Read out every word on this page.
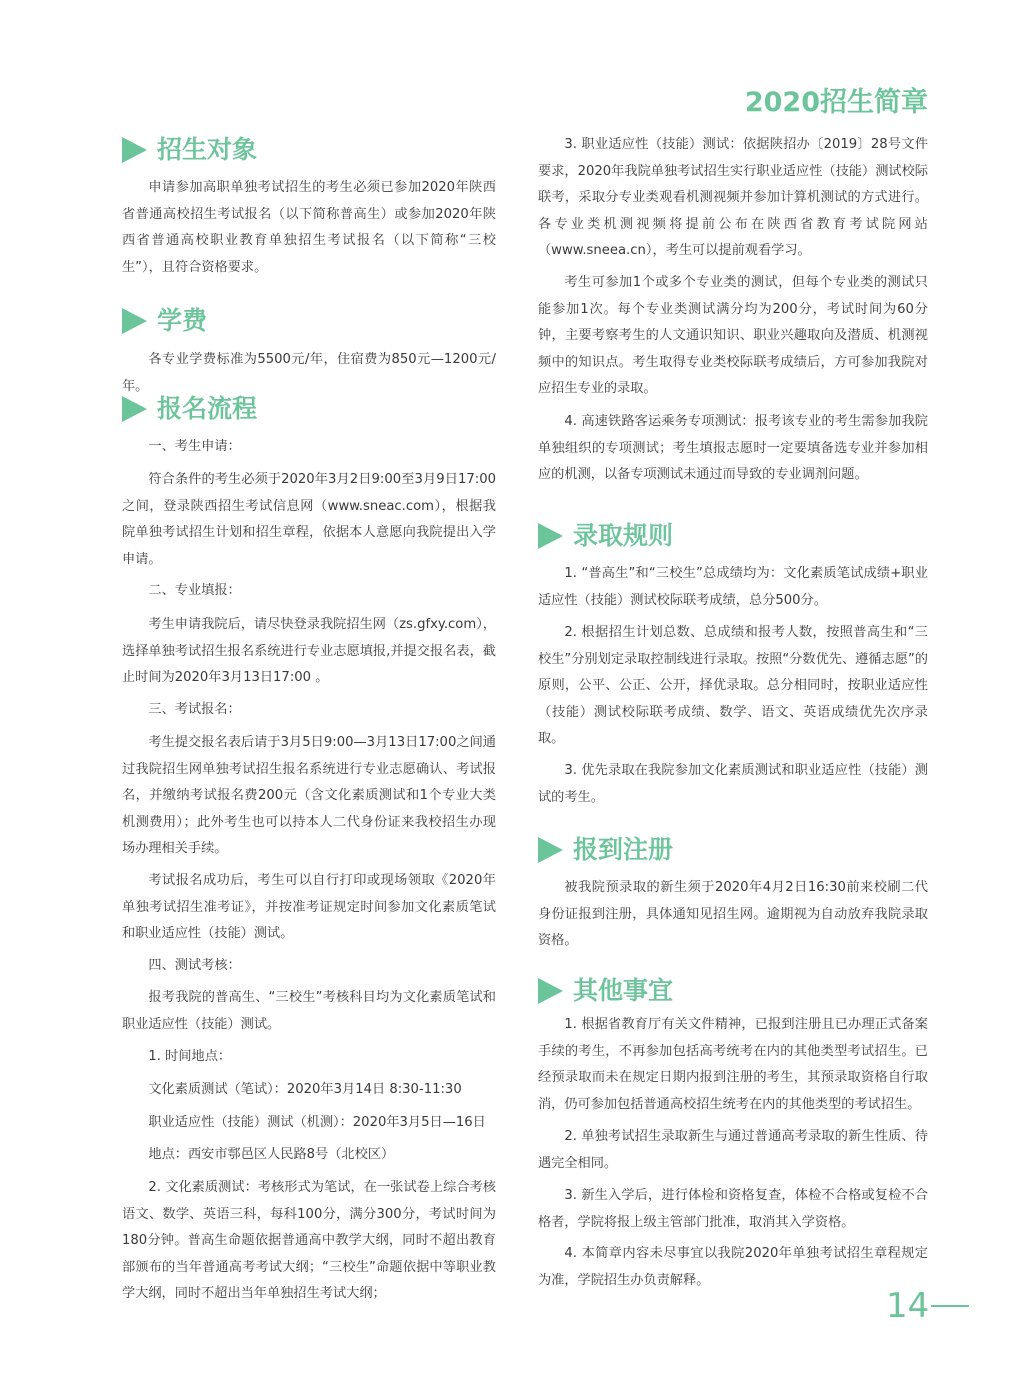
2020招生简章
招生对象
申请参加高职单独考试招生的考生必须已参加2020年陕西省普通高校招生考试报名（以下简称普高生）或参加2020年陕西省普通高校职业教育单独招生考试报名（以下简称“三校生”），且符合资格要求。
学费
各专业学费标准为5500元/年，住宿费为850元—1200元/年。
报名流程
一、考生申请：
符合条件的考生必须于2020年3月2日9:00至3月9日17:00之间，登录陕西招生考试信息网（www.sneac.com），根据我院单独考试招生计划和招生章程，依据本人意愿向我院提出入学申请。
二、专业填报：
考生申请我院后，请尽快登录我院招生网（zs.gfxy.com），选择单独考试招生报名系统进行专业志愿填报,并提交报名表，截止时间为2020年3月13日17:00 。
三、考试报名：
考生提交报名表后请于3月5日9:00—3月13日17:00之间通过我院招生网单独考试招生报名系统进行专业志愿确认、考试报名，并缴纳考试报名费200元（含文化素质测试和1个专业大类机测费用）；此外考生也可以持本人二代身份证来我校招生办现场办理相关手续。
考试报名成功后，考生可以自行打印或现场领取《2020年单独考试招生准考证》，并按准考证规定时间参加文化素质笔试和职业适应性（技能）测试。
四、测试考核：
报考我院的普高生、“三校生”考核科目均为文化素质笔试和职业适应性（技能）测试。
1. 时间地点：
文化素质测试（笔试）：2020年3月14日 8:30-11:30
职业适应性（技能）测试（机测）：2020年3月5日—16日
地点：西安市鄠邑区人民路8号（北校区）
2. 文化素质测试：考核形式为笔试，在一张试卷上综合考核语文、数学、英语三科，每科100分，满分300分，考试时间为180分钟。普高生命题依据普通高中教学大纲，同时不超出教育部颁布的当年普通高考考试大纲；“三校生”命题依据中等职业教学大纲，同时不超出当年单独招生考试大纲；
3. 职业适应性（技能）测试：依据陕招办〔2019〕28号文件要求，2020年我院单独考试招生实行职业适应性（技能）测试校际联考，采取分专业类观看机测视频并参加计算机测试的方式进行。各专业类机测视频将提前公布在陕西省教育考试院网站（www.sneea.cn），考生可以提前观看学习。
考生可参加1个或多个专业类的测试，但每个专业类的测试只能参加1次。每个专业类测试满分均为200分，考试时间为60分钟，主要考察考生的人文通识知识、职业兴趣取向及潜质、机测视频中的知识点。考生取得专业类校际联考成绩后，方可参加我院对应招生专业的录取。
4. 高速铁路客运乘务专项测试：报考该专业的考生需参加我院单独组织的专项测试；考生填报志愿时一定要填备选专业并参加相应的机测，以备专项测试未通过而导致的专业调剂问题。
录取规则
1. “普高生”和“三校生”总成绩均为：文化素质笔试成绩+职业适应性（技能）测试校际联考成绩，总分500分。
2. 根据招生计划总数、总成绩和报考人数，按照普高生和“三校生”分别划定录取控制线进行录取。按照“分数优先、遵循志愿”的原则，公平、公正、公开，择优录取。总分相同时，按职业适应性（技能）测试校际联考成绩、数学、语文、英语成绩优先次序录取。
3. 优先录取在我院参加文化素质测试和职业适应性（技能）测试的考生。
报到注册
被我院预录取的新生须于2020年4月2日16:30前来校刷二代身份证报到注册，具体通知见招生网。逾期视为自动放弃我院录取资格。
其他事宜
1. 根据省教育厅有关文件精神，已报到注册且已办理正式备案手续的考生，不再参加包括高考统考在内的其他类型考试招生。已经预录取而未在规定日期内报到注册的考生，其预录取资格自行取消，仍可参加包括普通高校招生统考在内的其他类型的考试招生。
2. 单独考试招生录取新生与通过普通高考录取的新生性质、待遇完全相同。
3. 新生入学后，进行体检和资格复查，体检不合格或复检不合格者，学院将报上级主管部门批准，取消其入学资格。
4. 本简章内容未尽事宜以我院2020年单独考试招生章程规定为准，学院招生办负责解释。
14
